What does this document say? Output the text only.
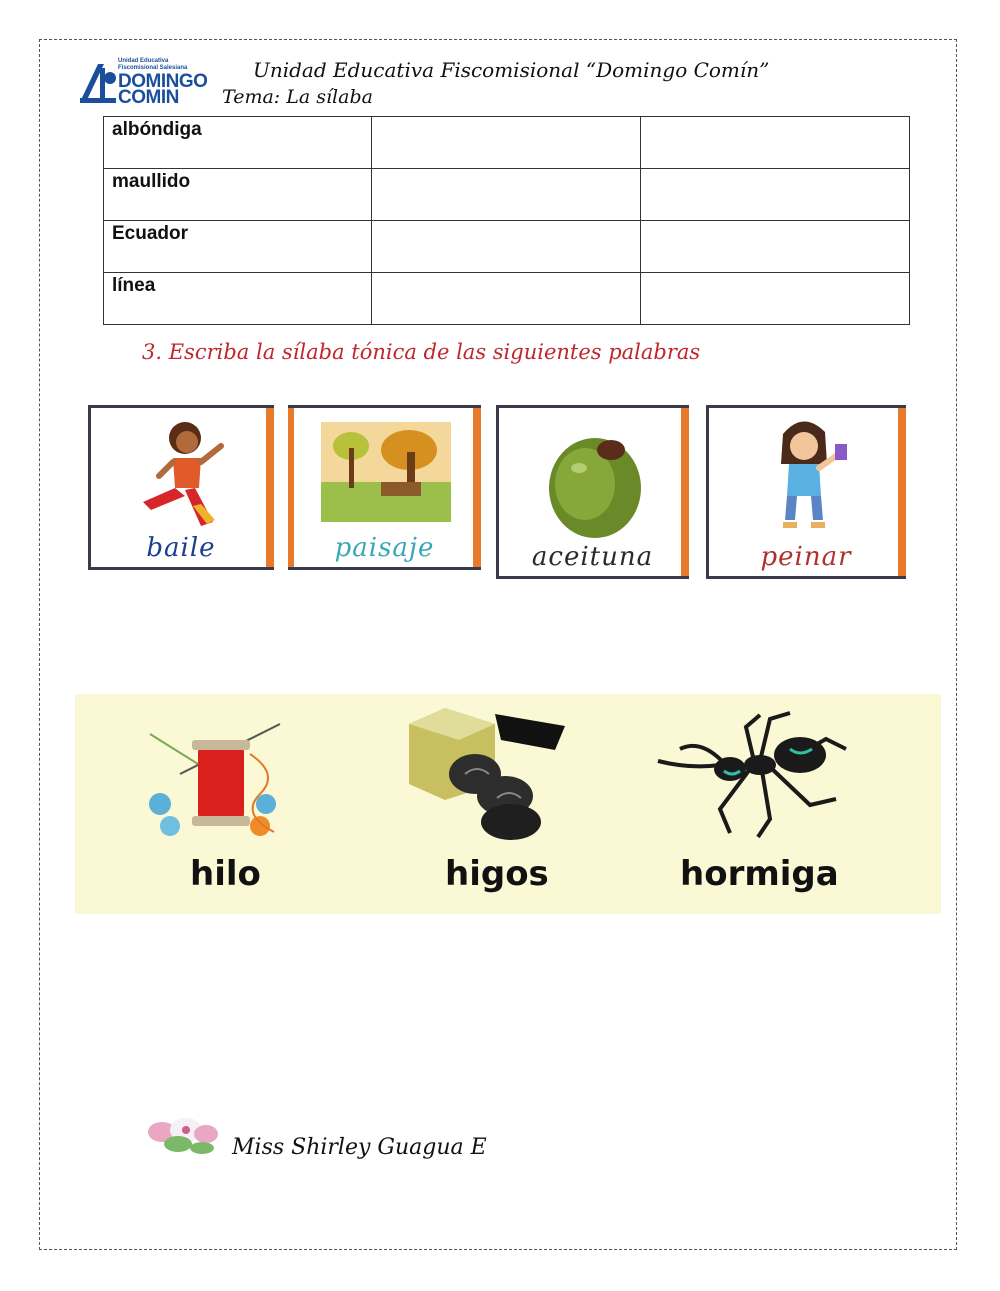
Unidad Educativa
Fiscomisional Salesiana
DOMINGO
COMIN
Unidad Educativa Fiscomisional “Domingo Comín”
Tema: La sílaba
albóndiga		
maullido		
Ecuador		
línea		
3. Escriba la sílaba tónica de las siguientes palabras
baile	paisaje	aceituna	peinar
hilo	higos	hormiga
Miss Shirley Guagua E
